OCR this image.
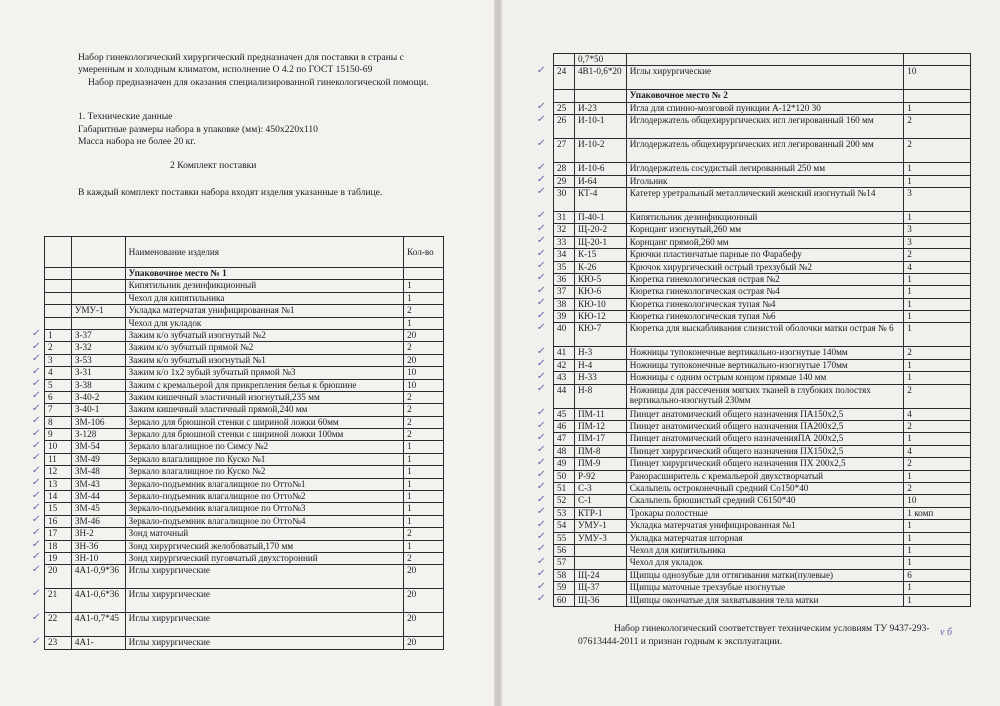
Набор гинекологический хирургический предназначен для поставки в страны с умеренным и холодным климатом, исполнение О 4.2 по ГОСТ 15150-69

Набор предназначен для оказания специализированной гинекологической помощи.

1. Технические данные

Габаритные размеры набора в упаковке (мм): 450х220х110

Масса набора не более 20 кг.

2 Комплект поставки

В каждый комплект поставки набора входят изделия указанные в таблице.

		Наименование изделия	Кол-во
		Упаковочное место № 1	
		Кипятильник дезинфикционный	1
		Чехол для кипятильника	1
	УМУ-1	Укладка матерчатая унифицированная №1	2
		Чехол для укладок	1
1	З-37	Зажим к/о зубчатый изогнутый №2	20
2	З-32	Зажим к/о зубчатый прямой №2	2
3	З-53	Зажим к/о зубчатый изогнутый №1	20
4	З-31	Зажим к/о 1х2 зубый зубчатый прямой №3	10
5	З-38	Зажим с кремальерой для прикрепления белья к брюшине	10
6	З-40-2	Зажим кишечный эластичный изогнутый,235 мм	2
7	З-40-1	Зажим кишечный эластичный прямой,240 мм	2
8	ЗМ-106	Зеркало для брюшной стенки с шириной ложки 60мм	2
9	З-128	Зеркало для брюшной стенки с шириной ложки 100мм	2
10	ЗМ-54	Зеркало влагалищное по Симсу №2	1
11	ЗМ-49	Зеркало влагалищное по Куско №1	1
12	ЗМ-48	Зеркало влагалищное по Куско №2	1
13	ЗМ-43	Зеркало-подъемник влагалищное по Отто№1	1
14	ЗМ-44	Зеркало-подъемник влагалищное по Отто№2	1
15	ЗМ-45	Зеркало-подъемник влагалищное по Отто№3	1
16	ЗМ-46	Зеркало-подъемник влагалищное по Отто№4	1
17	ЗН-2	Зонд маточный	2
18	ЗН-36	Зонд хирургический желобоватый,170 мм	1
19	ЗН-10	Зонд хирургический пуговчатый двухсторонний	2
20	4А1-0,9*36	Иглы хирургические	20
21	4А1-0,6*36	Иглы хирургические	20
22	4А1-0,7*45	Иглы хирургические	20
23	4А1-	Иглы хирургические	20
	0,7*50		
24	4В1-0,6*20	Иглы хирургические	10
		Упаковочное место № 2	
25	И-23	Игла для спинно-мозговой пункции А-12*120 30	1
26	И-10-1	Иглодержатель общехирургических игл легированный 160 мм	2
27	И-10-2	Иглодержатель общехирургических игл легированный 200 мм	2
28	И-10-6	Иглодержатель сосудистый легированный 250 мм	1
29	И-64	Игольник	1
30	КТ-4	Катетер уретральный металлический женский изогнутый №14	3
31	П-40-1	Кипятильник дезинфикционный	1
32	Щ-20-2	Корнцанг изогнутый,260 мм	3
33	Щ-20-1	Корнцанг прямой,260 мм	3
34	К-15	Крючки пластинчатые парные по Фарабефу	2
35	К-26	Крючок хирургический острый трехзубый №2	4
36	КЮ-5	Кюретка гинекологическая острая №2	1
37	КЮ-6	Кюретка гинекологическая острая №4	1
38	КЮ-10	Кюретка гинекологическая тупая №4	1
39	КЮ-12	Кюретка гинекологическая тупая №6	1
40	КЮ-7	Кюретка для выскабливания слизистой оболочки матки острая № 6	1
41	Н-3	Ножницы тупоконечные вертикально-изогнутые 140мм	2
42	Н-4	Ножницы тупоконечные вертикально-изогнутые 170мм	1
43	Н-33	Ножницы с одним острым концом прямые 140 мм	1
44	Н-8	Ножницы для рассечения мягких тканей в глубоких полостях вертикально-изогнутый 230мм	2
45	ПМ-11	Пинцет анатомический общего назначения ПА150х2,5	4
46	ПМ-12	Пинцет анатомический общего назначения ПА200х2,5	2
47	ПМ-17	Пинцет анатомический общего назначенияПА 200х2,5	1
48	ПМ-8	Пинцет хирургический общего назначения ПХ150х2,5	4
49	ПМ-9	Пинцет хирургический общего назначения ПХ 200х2,5	2
50	Р-92	Ранорасширитель с кремальерой двухстворчатый	1
51	С-3	Скальпель остроконечный средний Со150*40	2
52	С-1	Скальпель брюшистый средний С6150*40	10
53	КТР-1	Трокары полостные	1 комп
54	УМУ-1	Укладка матерчатая унифицированная №1	1
55	УМУ-3	Укладка матерчатая шторная	1
56		Чехол для кипятильника	1
57		Чехол для укладок	1
58	Щ-24	Щипцы однозубые для оттягивания матки(пулевые)	6
59	Щ-37	Щипцы маточные трехзубые изогнутые	1
60	Щ-36	Щипцы окончатые для захватывания тела матки	1
✓
✓
✓
✓
✓
✓
✓
✓
✓
✓
✓
✓
✓
✓
✓
✓
✓
✓
✓
✓
✓
✓
✓
✓
✓
✓
✓
✓
✓
✓
✓
✓
✓
✓
✓
✓
✓
✓
✓
✓
✓
✓
✓
✓
✓
✓
✓
✓
✓
✓
✓
✓
✓
✓
✓
✓
✓
✓
✓
✓

Набор гинекологический соответствует техническим условиям ТУ 9437-293-07613444-2011 и признан годным к эксплуатации.

v б
